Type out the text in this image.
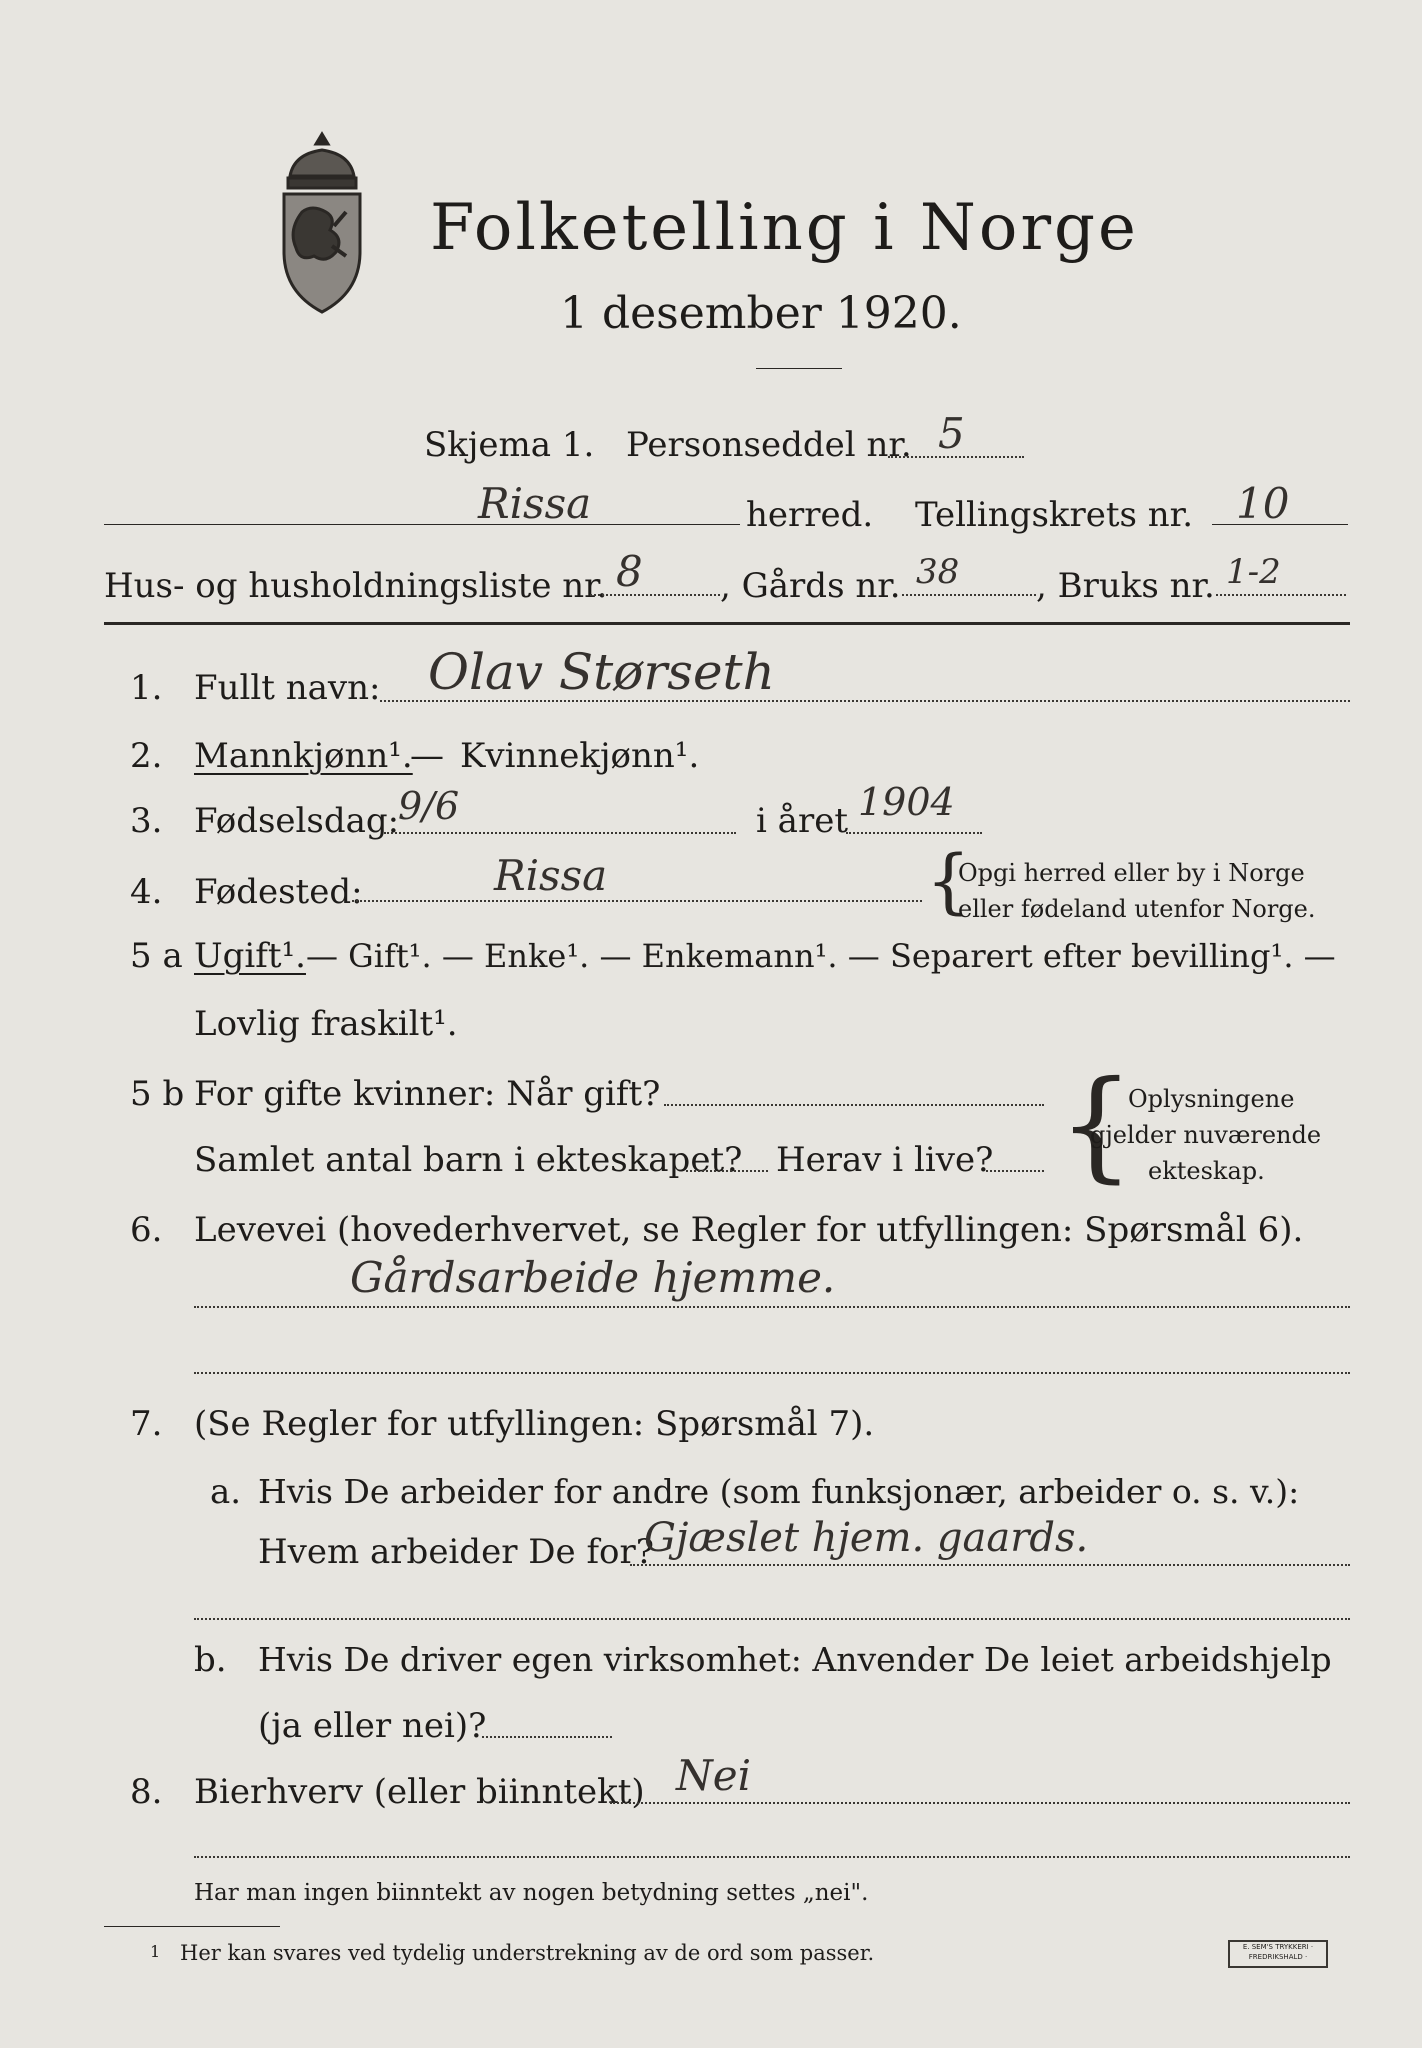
Folketelling i Norge
1 desember 1920.
Skjema 1. Personseddel nr. 5
Rissa	herred. Tellingskrets nr. 10
Hus- og husholdningsliste nr. 8 , Gårds nr. 38 , Bruks nr. 1-2
1. Fullt navn: Olav Størseth
2. Mannkjønn¹.
— Kvinnekjønn¹.
3. Fødselsdag:
9/6	i året 1904
4. Fødested:	Rissa	{
Opgi herred eller by i Norge
eller fødeland utenfor Norge.
5 a Ugift¹. — Gift¹. — Enke¹. — Enkemann¹. — Separert efter bevilling¹. —
Lovlig fraskilt¹.
5 b For gifte kvinner: Når gift?
Samlet antal barn i ekteskapet? Herav i live? {
Oplysningene
gjelder nuværende
ekteskap.
6. Levevei (hovederhvervet, se Regler for utfyllingen: Spørsmål 6).
Gårdsarbeide hjemme.
7. (Se Regler for utfyllingen: Spørsmål 7).
a. Hvis De arbeider for andre (som funksjonær, arbeider o. s. v.):
Hvem arbeider De for?
Gjæslet hjem. gaards.
b. Hvis De driver egen virksomhet: Anvender De leiet arbeidshjelp
(ja eller nei)?
8. Bierhverv (eller biinntekt) Nei
Har man ingen biinntekt av nogen betydning settes „nei".
1 Her kan svares ved tydelig understrekning av de ord som passer.	E. SEM'S TRYKKERI · FREDRIKSHALD ·
